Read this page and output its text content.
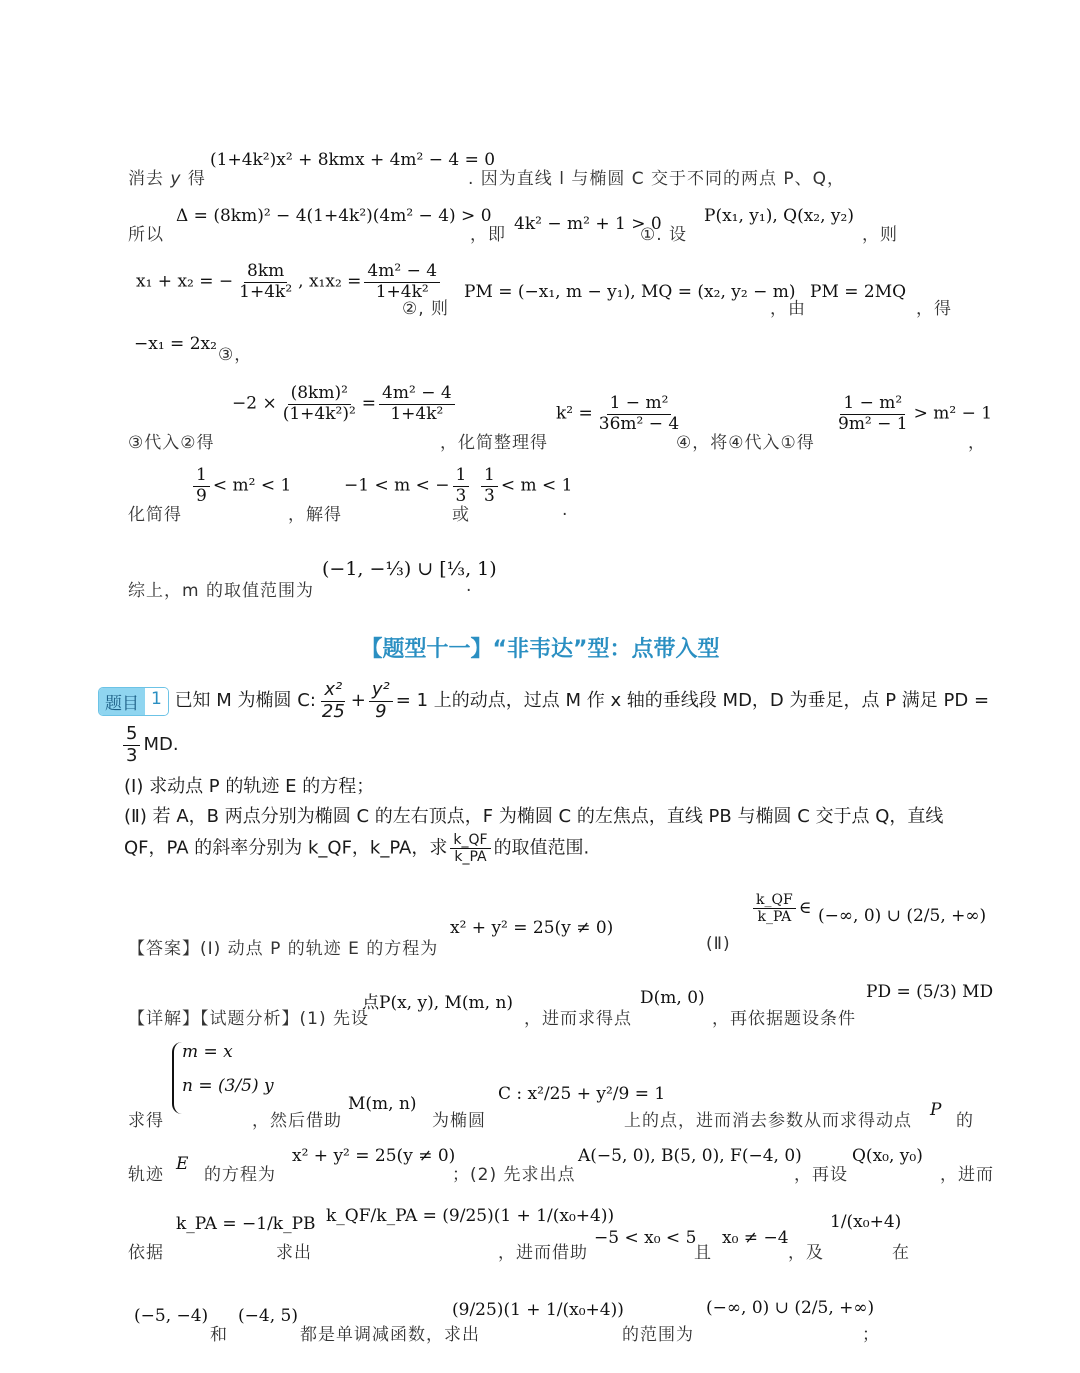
消去 y 得
(1+4k²)x² + 8kmx + 4m² − 4 = 0
. 因为直线 l 与椭圆 C 交于不同的两点 P、Q，
所以
Δ = (8km)² − 4(1+4k²)(4m² − 4) > 0
，即
4k² − m² + 1 > 0
①. 设
P(x₁, y₁), Q(x₂, y₂)
，则
x₁ + x₂ = − $\frac{8km}{\text{1+4k²}}$ , $x_1x_2 = \frac{\text{4m² − 4}}{\text{1+4k²}}$
②, 则
PM = (−x₁, m − y₁), MQ = (x₂, y₂ − m)
，由
PM = 2MQ
，得
−x₁ = 2x₂
③，
③代入②得
$-2 \times \frac{\text{(8km)²}}{\text{(1+4k²)²}} = \frac{\text{4m² − 4}}{\text{1+4k²}}$
，化简整理得
$k^2 = \frac{\text{1 − m²}}{\text{36m² − 4}}$
④，将④代入①得
$\frac{\text{1 − m²}}{\text{9m² − 1}} > m^2 - 1$
，
化简得
$\frac{1}{9} < m^2 < 1$
，解得
−1 < m < − $\frac{1}{3}$
或
$\frac{1}{3} < m < 1$
.
综上，m 的取值范围为
(−1, −⅓) ∪ [⅓, 1)
.
【题型十一】“非韦达”型：点带入型
题目 1 已知 M 为椭圆 C: $\frac{\text{x²}}{25} + \frac{\text{y²}}{9} = 1$ 上的动点，过点 M 作 x 轴的垂线段 MD，D 为垂足，点 P 满足 PD =
$\frac{5}{3}$ MD.
(Ⅰ) 求动点 P 的轨迹 E 的方程；
(Ⅱ) 若 A，B 两点分别为椭圆 C 的左右顶点，F 为椭圆 C 的左焦点，直线 PB 与椭圆 C 交于点 Q，直线
QF，PA 的斜率分别为 k_QF，k_PA，求 $\frac{k\_QF}{k\_PA}$ 的取值范围.
【答案】(Ⅰ) 动点 P 的轨迹 E 的方程为
x² + y² = 25(y ≠ 0)
(Ⅱ)
$\frac{k\_QF}{k\_PA}$ ∈ (−∞, 0) ∪ (2/5, +∞)
【详解】【试题分析】(1) 先设
点P(x, y), M(m, n)
，进而求得点
D(m, 0)
，再依据题设条件
PD = (5/3) MD
m = x
n = (3/5) y
求得	，然后借助
M(m, n)
为椭圆
C : x²/25 + y²/9 = 1
上的点，进而消去参数从而求得动点
P
的
轨迹
E
的方程为
x² + y² = 25(y ≠ 0)
；(2) 先求出点
A(−5, 0), B(5, 0), F(−4, 0)
，再设
Q(x₀, y₀)
，进而
依据
k_PA = −1/k_PB
求出
k_QF/k_PA = (9/25)(1 + 1/(x₀+4))
，进而借助
−5 < x₀ < 5
且
x₀ ≠ −4
，及
1/(x₀+4)
在
(−5, −4)
和
(−4, 5)
都是单调减函数，求出
(9/25)(1 + 1/(x₀+4))
的范围为
(−∞, 0) ∪ (2/5, +∞)
；
